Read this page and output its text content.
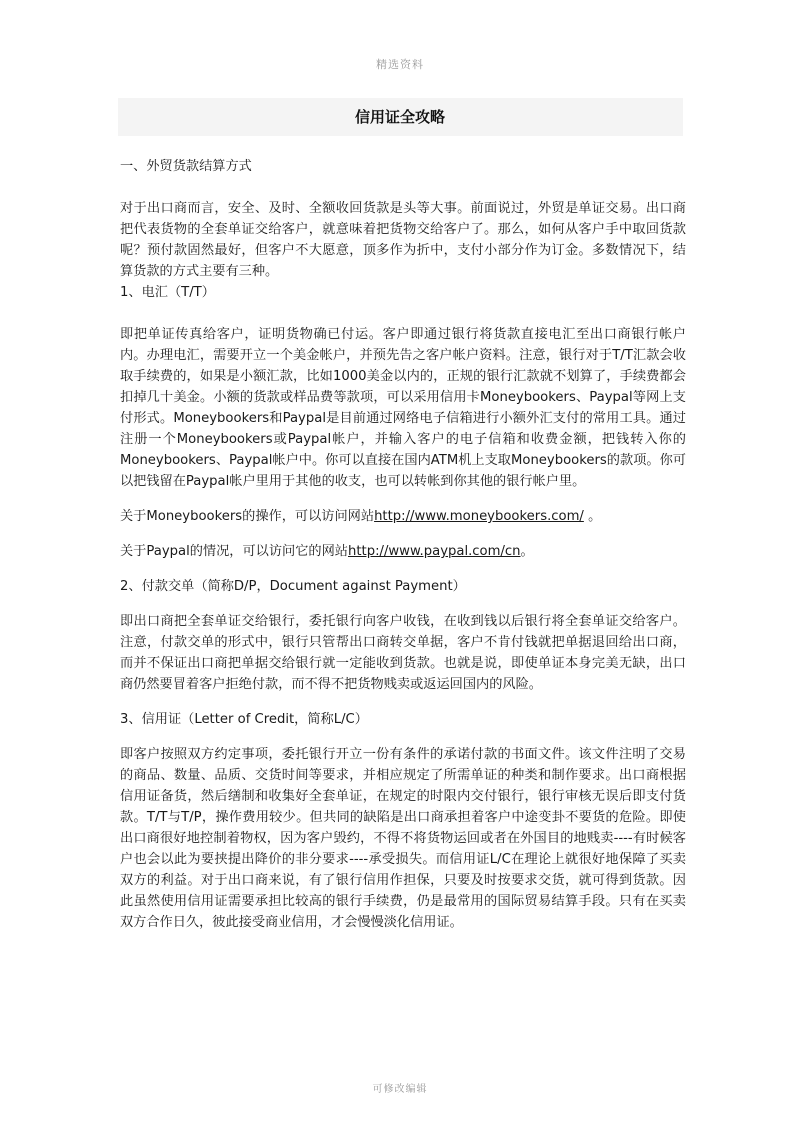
精选资料
信用证全攻略

一、外贸货款结算方式

对于出口商而言，安全、及时、全额收回货款是头等大事。前面说过，外贸是单证交易。出口商把代表货物的全套单证交给客户，就意味着把货物交给客户了。那么，如何从客户手中取回货款呢？预付款固然最好，但客户不大愿意，顶多作为折中，支付小部分作为订金。多数情况下，结算货款的方式主要有三种。

1、电汇（T/T）

即把单证传真给客户，证明货物确已付运。客户即通过银行将货款直接电汇至出口商银行帐户内。办理电汇，需要开立一个美金帐户，并预先告之客户帐户资料。注意，银行对于T/T汇款会收取手续费的，如果是小额汇款，比如1000美金以内的，正规的银行汇款就不划算了，手续费都会扣掉几十美金。小额的货款或样品费等款项，可以采用信用卡Moneybookers、Paypal等网上支付形式。Moneybookers和Paypal是目前通过网络电子信箱进行小额外汇支付的常用工具。通过注册一个Moneybookers或Paypal帐户，并输入客户的电子信箱和收费金额，把钱转入你的Moneybookers、Paypal帐户中。你可以直接在国内ATM机上支取Moneybookers的款项。你可以把钱留在Paypal帐户里用于其他的收支，也可以转帐到你其他的银行帐户里。

关于Moneybookers的操作，可以访问网站http://www.moneybookers.com/ 。

关于Paypal的情况，可以访问它的网站http://www.paypal.com/cn。

2、付款交单（简称D/P，Document against Payment）

即出口商把全套单证交给银行，委托银行向客户收钱，在收到钱以后银行将全套单证交给客户。注意，付款交单的形式中，银行只管帮出口商转交单据，客户不肯付钱就把单据退回给出口商，而并不保证出口商把单据交给银行就一定能收到货款。也就是说，即使单证本身完美无缺，出口商仍然要冒着客户拒绝付款，而不得不把货物贱卖或返运回国内的风险。

3、信用证（Letter of Credit，简称L/C）

即客户按照双方约定事项，委托银行开立一份有条件的承诺付款的书面文件。该文件注明了交易的商品、数量、品质、交货时间等要求，并相应规定了所需单证的种类和制作要求。出口商根据信用证备货，然后缮制和收集好全套单证，在规定的时限内交付银行，银行审核无误后即支付货款。T/T与T/P，操作费用较少。但共同的缺陷是出口商承担着客户中途变卦不要货的危险。即使出口商很好地控制着物权，因为客户毁约，不得不将货物运回或者在外国目的地贱卖----有时候客户也会以此为要挟提出降价的非分要求----承受损失。而信用证L/C在理论上就很好地保障了买卖双方的利益。对于出口商来说，有了银行信用作担保，只要及时按要求交货，就可得到货款。因此虽然使用信用证需要承担比较高的银行手续费，仍是最常用的国际贸易结算手段。只有在买卖双方合作日久，彼此接受商业信用，才会慢慢淡化信用证。

可修改编辑
